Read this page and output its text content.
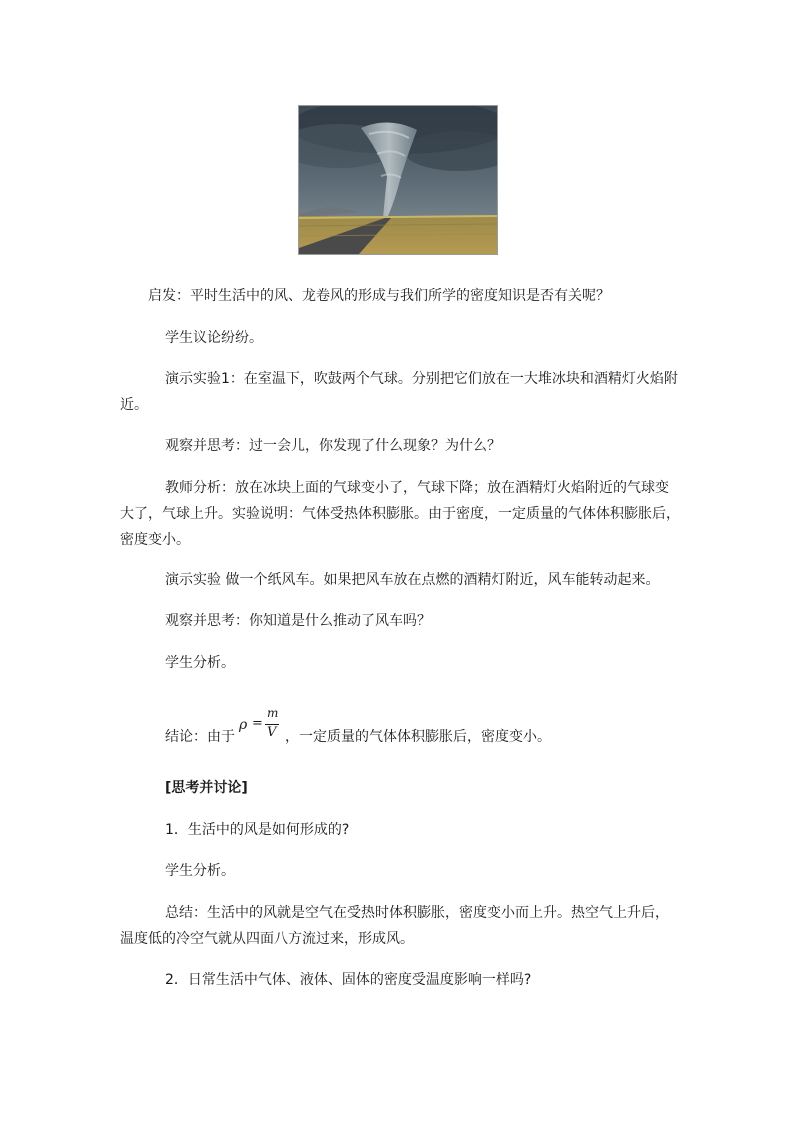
启发：平时生活中的风、龙卷风的形成与我们所学的密度知识是否有关呢？

学生议论纷纷。

演示实验1：在室温下，吹鼓两个气球。分别把它们放在一大堆冰块和酒精灯火焰附近。

观察并思考：过一会儿，你发现了什么现象？为什么？

教师分析：放在冰块上面的气球变小了，气球下降；放在酒精灯火焰附近的气球变大了，气球上升。实验说明：气体受热体积膨胀。由于密度，一定质量的气体体积膨胀后，密度变小。

演示实验 做一个纸风车。如果把风车放在点燃的酒精灯附近，风车能转动起来。

观察并思考：你知道是什么推动了风车吗？

学生分析。

结论：由于
ρ =
m
V ，一定质量的气体体积膨胀后，密度变小。

[思考并讨论]

1．生活中的风是如何形成的?

学生分析。

总结：生活中的风就是空气在受热时体积膨胀，密度变小而上升。热空气上升后，温度低的冷空气就从四面八方流过来，形成风。

2．日常生活中气体、液体、固体的密度受温度影响一样吗?
